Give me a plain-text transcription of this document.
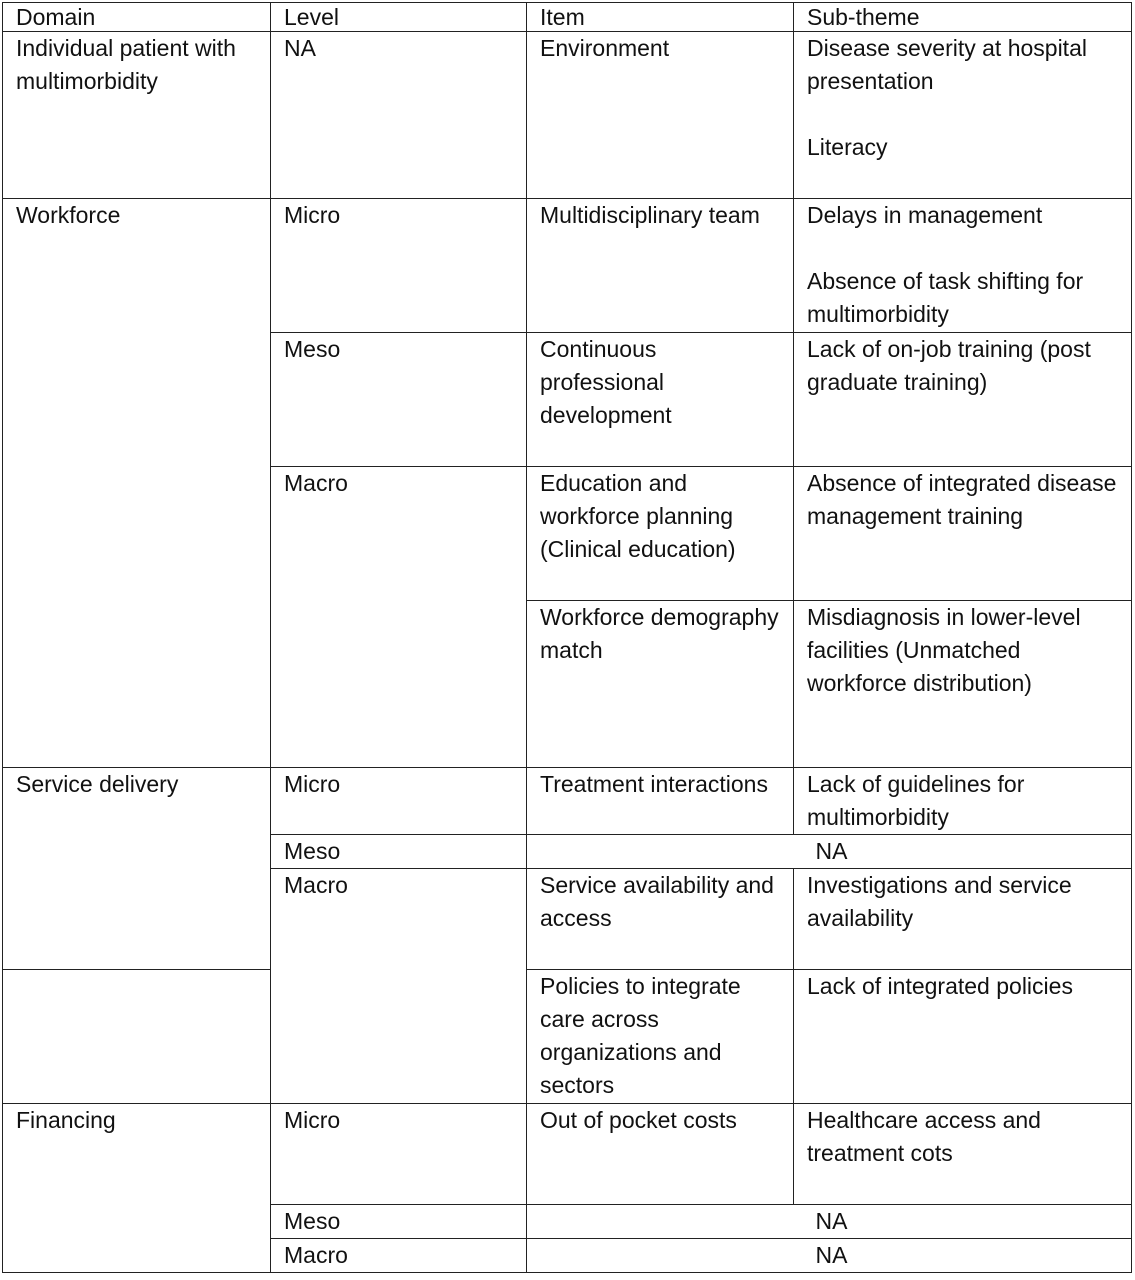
Domain	Level	Item	Sub-theme
Individual patient with multimorbidity	NA	Environment	Disease severity at hospital presentation
Literacy

Workforce	Micro	Multidisciplinary team	Delays in management
Absence of task shifting for multimorbidity

	Meso	Continuous professional development	Lack of on-job training (post graduate training)
	Macro	Education and workforce planning (Clinical education)	Absence of integrated disease management training
		Workforce demography match	Misdiagnosis in lower-level facilities (Unmatched workforce distribution)
Service delivery	Micro	Treatment interactions	Lack of guidelines for multimorbidity
	Meso	NA	
	Macro	Service availability and access	Investigations and service availability
		Policies to integrate care across organizations and sectors	Lack of integrated policies
Financing	Micro	Out of pocket costs	Healthcare access and treatment cots
	Meso	NA	
	Macro	NA	
